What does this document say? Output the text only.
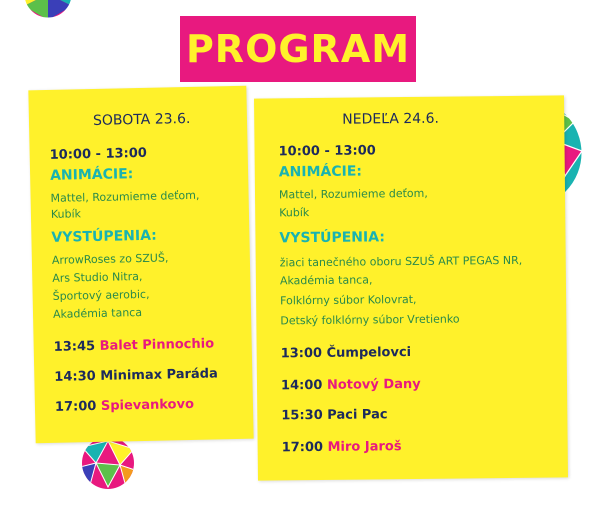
PROGRAM
SOBOTA 23.6.
10:00 - 13:00
ANIMÁCIE:
Mattel, Rozumieme deťom,
Kubík
VYSTÚPENIA:
ArrowRoses zo SZUŠ,
Ars Studio Nitra,
Športový aerobic,
Akadémia tanca
13:45 Balet Pinnochio
14:30 Minimax Paráda
17:00 Spievankovo
NEDEĽA 24.6.
10:00 - 13:00
ANIMÁCIE:
Mattel, Rozumieme deťom,
Kubík
VYSTÚPENIA:
žiaci tanečného oboru SZUŠ ART PEGAS NR,
Akadémia tanca,
Folklórny súbor Kolovrat,
Detský folklórny súbor Vretienko
13:00 Čumpelovci
14:00 Notový Dany
15:30 Paci Pac
17:00 Miro Jaroš
